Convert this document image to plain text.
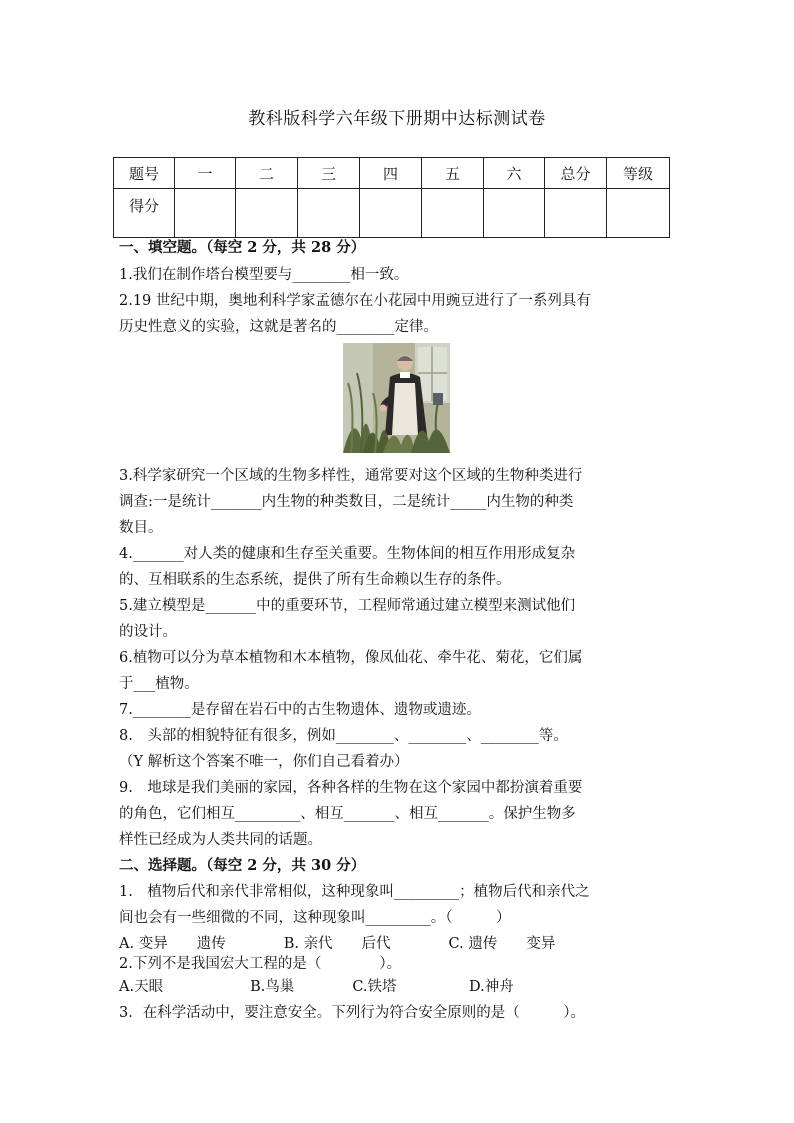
教科版科学六年级下册期中达标测试卷
题号	一	二	三	四	五	六	总分	等级
得分								
一、填空题。（每空 2 分，共 28 分）
1.我们在制作塔台模型要与________相一致。
2.19 世纪中期，奥地利科学家孟德尔在小花园中用豌豆进行了一系列具有
历史性意义的实验，这就是著名的________定律。
3.科学家研究一个区域的生物多样性，通常要对这个区域的生物种类进行
调查:一是统计_______内生物的种类数目，二是统计_____内生物的种类
数目。
4._______对人类的健康和生存至关重要。生物体间的相互作用形成复杂
的、互相联系的生态系统，提供了所有生命赖以生存的条件。
5.建立模型是_______中的重要环节，工程师常通过建立模型来测试他们
的设计。
6.植物可以分为草本植物和木本植物，像凤仙花、牵牛花、菊花，它们属
于___植物。
7.________是存留在岩石中的古生物遗体、遗物或遗迹。
8.　头部的相貌特征有很多，例如________、________、________等。
（Y 解析这个答案不唯一，你们自己看着办）
9.　地球是我们美丽的家园，各种各样的生物在这个家园中都扮演着重要
的角色，它们相互_________、相互_______、相互_______。保护生物多
样性已经成为人类共同的话题。
二、选择题。（每空 2 分，共 30 分）
1.　植物后代和亲代非常相似，这种现象叫_________；植物后代和亲代之
间也会有一些细微的不同，这种现象叫_________。（　　　）
A. 变异　　遗传　　　　B. 亲代　　后代　　　　C. 遗传　　变异
2.下列不是我国宏大工程的是（　　　　）。
A.天眼　　　　　　B.鸟巢　　　　C.铁塔　　　　　D.神舟
3．在科学活动中，要注意安全。下列行为符合安全原则的是（　　　）。
